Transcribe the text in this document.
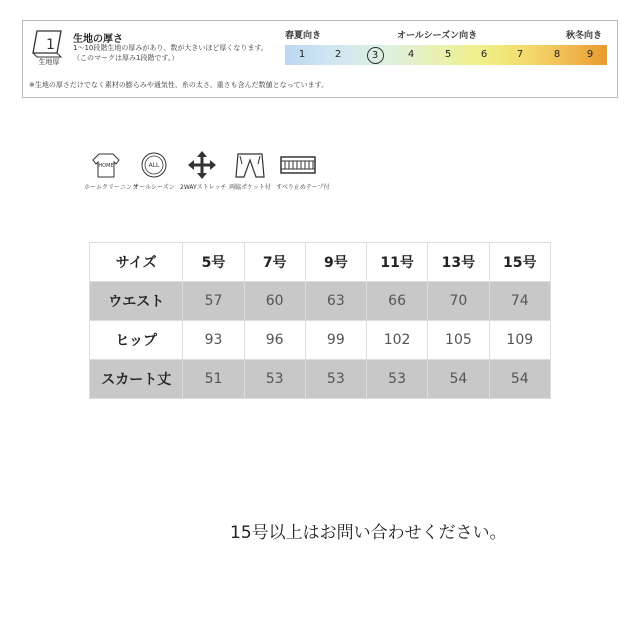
1
生地厚
生地の厚さ
1〜10段階生地の厚みがあり、数が大きいほど厚くなります。
（このマークは厚み1段階です。）
春夏向き	オールシーズン向き	秋冬向き
1	2	3	4	5	6	7	8	9
※生地の厚さだけでなく素材の膨らみや通気性、糸の太さ、重さも含んだ数値となっています。
HOME
ホームクリーニング
ALL
オールシーズン 2WAYストレッチ 両脇ポケット付 すべり止めテープ付
サイズ	5号	7号	9号	11号	13号	15号
ウエスト	57	60	63	66	70	74
ヒップ	93	96	99	102	105	109
スカート丈	51	53	53	53	54	54
15号以上はお問い合わせください。
